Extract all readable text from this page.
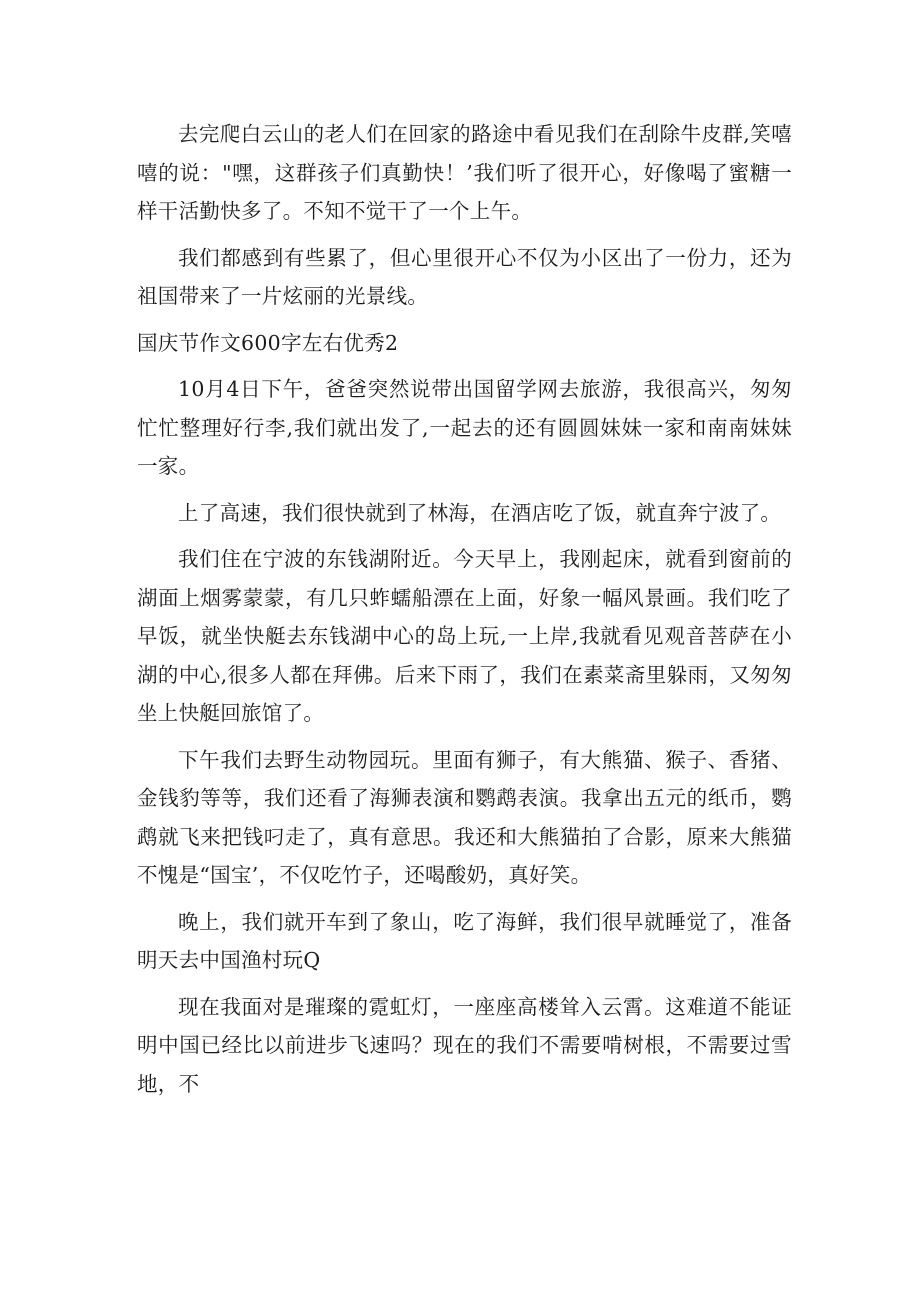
去完爬白云山的老人们在回家的路途中看见我们在刮除牛皮群,笑嘻嘻的说："嘿，这群孩子们真勤快！’我们听了很开心，好像喝了蜜糖一样干活勤快多了。不知不觉干了一个上午。

我们都感到有些累了，但心里很开心不仅为小区出了一份力，还为祖国带来了一片炫丽的光景线。

国庆节作文600字左右优秀2

10月4日下午，爸爸突然说带出国留学网去旅游，我很高兴，匆匆忙忙整理好行李,我们就出发了,一起去的还有圆圆妹妹一家和南南妹妹一家。

上了高速，我们很快就到了林海，在酒店吃了饭，就直奔宁波了。

我们住在宁波的东钱湖附近。今天早上，我刚起床，就看到窗前的湖面上烟雾蒙蒙，有几只蚱蠕船漂在上面，好象一幅风景画。我们吃了早饭，就坐快艇去东钱湖中心的岛上玩,一上岸,我就看见观音菩萨在小湖的中心,很多人都在拜佛。后来下雨了，我们在素菜斋里躲雨，又匆匆坐上快艇回旅馆了。

下午我们去野生动物园玩。里面有狮子，有大熊猫、猴子、香猪、金钱豹等等，我们还看了海狮表演和鹦鹉表演。我拿出五元的纸币，鹦鹉就飞来把钱叼走了，真有意思。我还和大熊猫拍了合影，原来大熊猫不愧是“国宝’，不仅吃竹子，还喝酸奶，真好笑。

晚上，我们就开车到了象山，吃了海鲜，我们很早就睡觉了，准备明天去中国渔村玩Q

现在我面对是璀璨的霓虹灯，一座座高楼耸入云霄。这难道不能证明中国已经比以前进步飞速吗？现在的我们不需要啃树根，不需要过雪地，不
